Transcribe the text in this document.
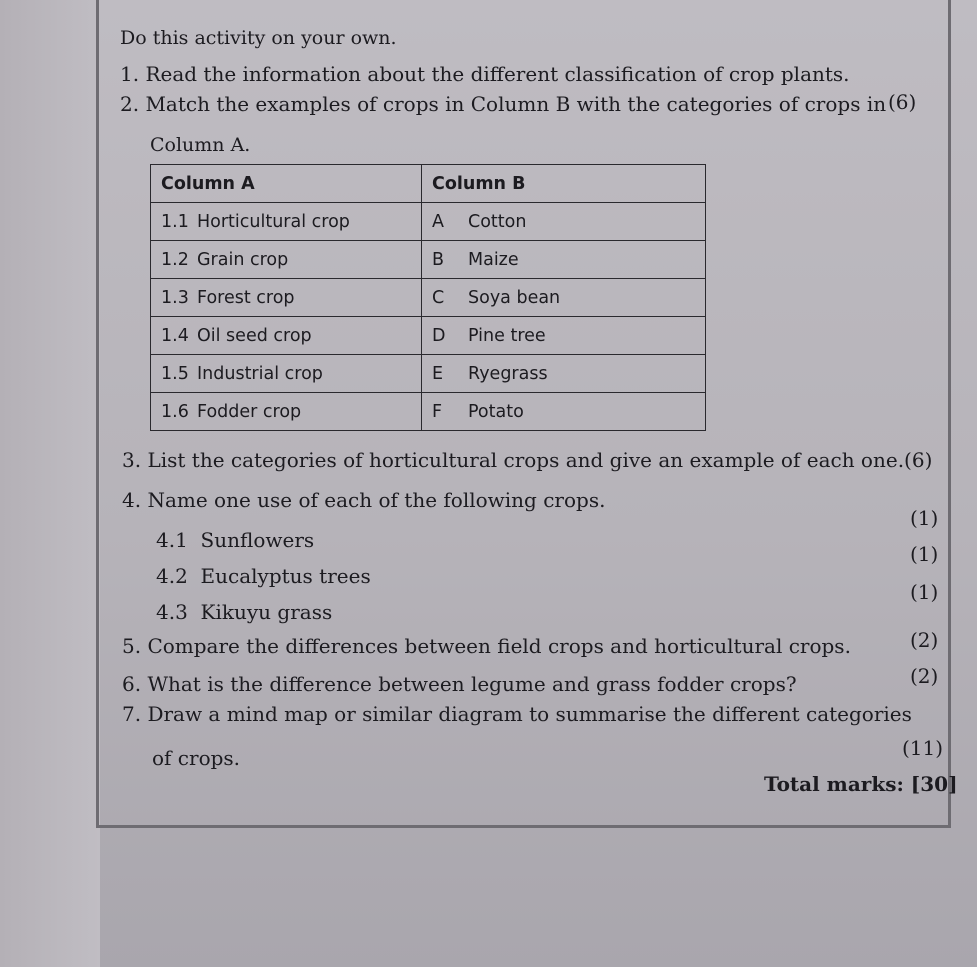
Do this activity on your own.
1. Read the information about the different classification of crop plants.
2. Match the examples of crops in Column B with the categories of crops in (6)
Column A.
Column A	Column B
1.1 Horticultural crop	A Cotton
1.2 Grain crop	B Maize
1.3 Forest crop	C Soya bean
1.4 Oil seed crop	D Pine tree
1.5 Industrial crop	E Ryegrass
1.6 Fodder crop	F Potato
3. List the categories of horticultural crops and give an example of each one.(6)
4. Name one use of each of the following crops.
(1)
4.1 Sunflowers
(1)
4.2 Eucalyptus trees
(1)
4.3 Kikuyu grass
5. Compare the differences between field crops and horticultural crops.	(2)
6. What is the difference between legume and grass fodder crops?	(2)
7. Draw a mind map or similar diagram to summarise the different categories
of crops.	(11)
Total marks: [30]
